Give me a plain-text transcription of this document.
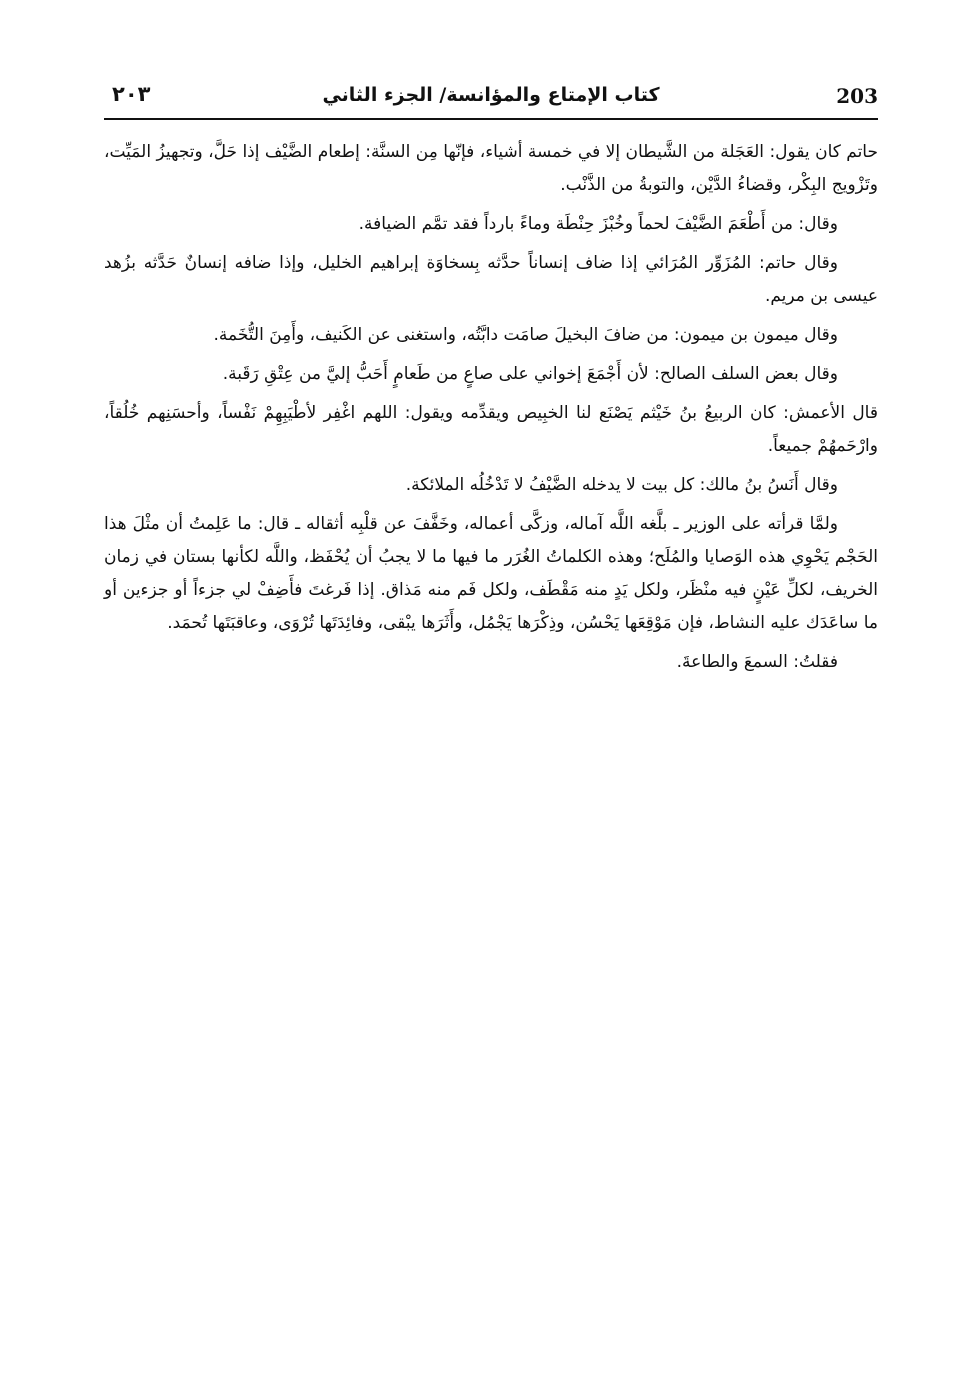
203
كتاب الإمتاع والمؤانسة/ الجزء الثاني
٢٠٣

حاتم كان يقول: العَجَلة من الشَّيطان إلا في خمسة أشياء، فإنّها مِن السنَّة: إطعام الضَّيْف إذا حَلَّ، وتجهيزُ المَيِّت، وتَزْويج البِكْر، وقضاءُ الدَّيْن، والتوبةُ من الذَّنْب.

وقال: من أَطْعَمَ الضَّيْفَ لحماً وخُبْزَ حِنْطَة وماءً بارداً فقد تمَّم الضيافة.

وقال حاتم: المُزَوِّر المُرَائي إذا ضاف إنساناً حدَّثه بِسخاوَة إبراهيم الخليل، وإذا ضافه إنسانٌ حَدَّثه بزُهد عيسى بن مريم.

وقال ميمون بن ميمون: من ضافَ البخيلَ صامَت دابَّتُه، واستغنى عن الكَنيف، وأَمِنَ التُّخَمة.

وقال بعض السلف الصالح: لأن أَجْمَعَ إخواني على صاعٍ من طَعامٍ أَحَبُّ إليَّ من عِتْقِ رَقَبة.

قال الأعمش: كان الربيعُ بنُ خَيْثم يَصْنَع لنا الخبِيص ويقدِّمه ويقول: اللهم اغْفِر لأطْيَبِهِمْ نَفْساً، وأحسَنِهم خُلُقاً، وارْحَمهُمْ جميعاً.

وقال أَنَسُ بنُ مالك: كل بيت لا يدخله الضَّيْفُ لا تَدْخُلُه الملائكة.

ولمَّا قرأته على الوزير ـ بلَّغه اللَّه آماله، وزكَّى أعماله، وخَفَّفَ عن قلْبِه أثقاله ـ قال: ما عَلِمتُ أن مثْلَ هذا الحَجْم يَحْوِي هذه الوَصايا والمُلَح؛ وهذه الكلماتُ الغُرَر ما فيها ما لا يجبُ أن يُحْفَظ، واللَّه لكأنها بستان في زمان الخريف، لكلِّ عَيْنٍ فيه منْظَر، ولكل يَدٍ منه مَقْطَف، ولكل فَم منه مَذاق. إذا فَرغتَ فأَضِفْ لي جزءاً أو جزءين أو ما ساعَدَك عليه النشاط، فإن مَوْقِعَها يَحْسُن، وذِكْرَها يَجْمُل، وأَثَرَها يبْقى، وفائِدَتَها تُرْوَى، وعاقبَتَها تُحمَد.

فقلتُ: السمعَ والطاعةَ.
